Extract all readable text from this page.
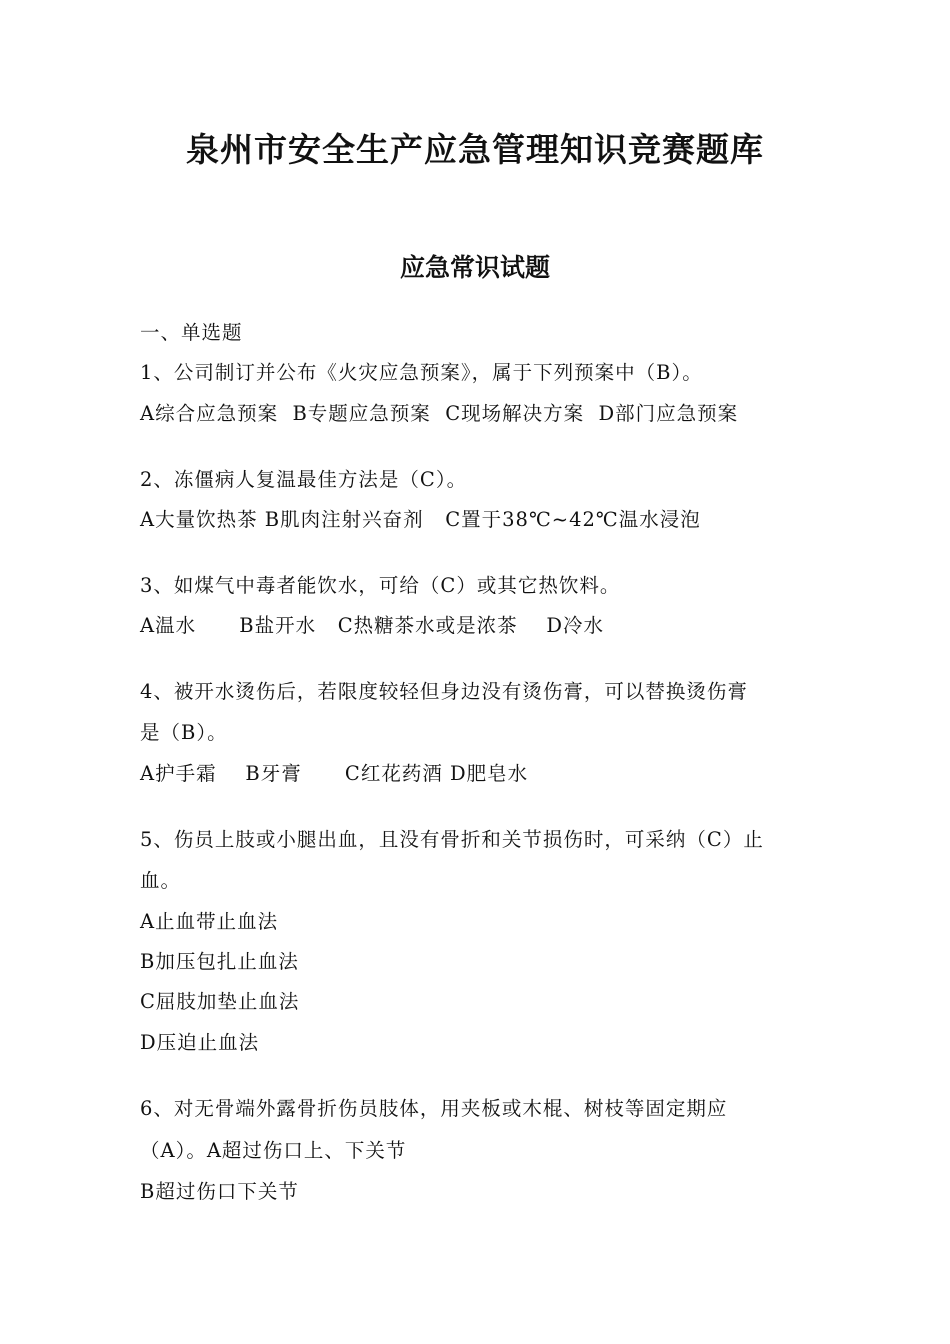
泉州市安全生产应急管理知识竞赛题库
应急常识试题
一、单选题
1、公司制订并公布《火灾应急预案》，属于下列预案中（B）。
A综合应急预案  B专题应急预案  C现场解决方案  D部门应急预案
2、冻僵病人复温最佳方法是（C）。
A大量饮热茶 B肌肉注射兴奋剂   C置于38℃~42℃温水浸泡
3、如煤气中毒者能饮水，可给（C）或其它热饮料。
A温水      B盐开水   C热糖茶水或是浓茶    D冷水
4、被开水烫伤后，若限度较轻但身边没有烫伤膏，可以替换烫伤膏
是（B）。
A护手霜    B牙膏      C红花药酒 D肥皂水
5、伤员上肢或小腿出血，且没有骨折和关节损伤时，可采纳（C）止
血。
A止血带止血法
B加压包扎止血法
C屈肢加垫止血法
D压迫止血法
6、对无骨端外露骨折伤员肢体，用夹板或木棍、树枝等固定期应
（A）。A超过伤口上、下关节
B超过伤口下关节
